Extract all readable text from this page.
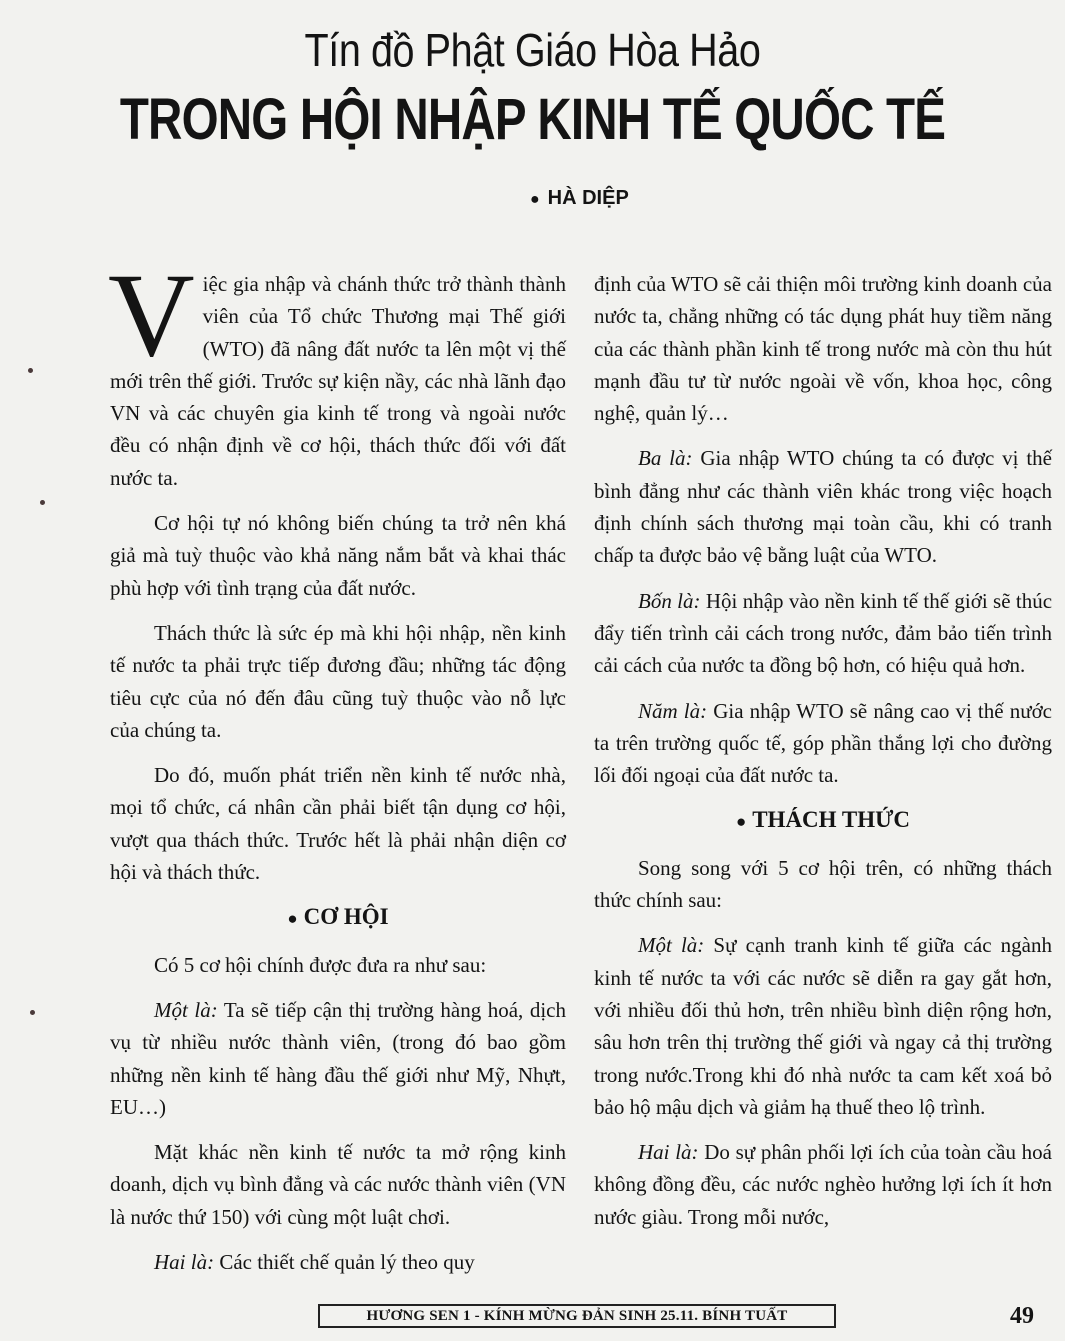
Tín đồ Phật Giáo Hòa Hảo
TRONG HỘI NHẬP KINH TẾ QUỐC TẾ
● HÀ DIỆP

Việc gia nhập và chánh thức trở thành thành viên của Tổ chức Thương mại Thế giới (WTO) đã nâng đất nước ta lên một vị thế mới trên thế giới. Trước sự kiện nầy, các nhà lãnh đạo VN và các chuyên gia kinh tế trong và ngoài nước đều có nhận định về cơ hội, thách thức đối với đất nước ta.

Cơ hội tự nó không biến chúng ta trở nên khá giả mà tuỳ thuộc vào khả năng nắm bắt và khai thác phù hợp với tình trạng của đất nước.

Thách thức là sức ép mà khi hội nhập, nền kinh tế nước ta phải trực tiếp đương đầu; những tác động tiêu cực của nó đến đâu cũng tuỳ thuộc vào nỗ lực của chúng ta.

Do đó, muốn phát triển nền kinh tế nước nhà, mọi tổ chức, cá nhân cần phải biết tận dụng cơ hội, vượt qua thách thức. Trước hết là phải nhận diện cơ hội và thách thức.

● CƠ HỘI

Có 5 cơ hội chính được đưa ra như sau:

Một là: Ta sẽ tiếp cận thị trường hàng hoá, dịch vụ từ nhiều nước thành viên, (trong đó bao gồm những nền kinh tế hàng đầu thế giới như Mỹ, Nhựt, EU…)

Mặt khác nền kinh tế nước ta mở rộng kinh doanh, dịch vụ bình đẳng và các nước thành viên (VN là nước thứ 150) với cùng một luật chơi.

Hai là: Các thiết chế quản lý theo quy

định của WTO sẽ cải thiện môi trường kinh doanh của nước ta, chẳng những có tác dụng phát huy tiềm năng của các thành phần kinh tế trong nước mà còn thu hút mạnh đầu tư từ nước ngoài về vốn, khoa học, công nghệ, quản lý…

Ba là: Gia nhập WTO chúng ta có được vị thế bình đẳng như các thành viên khác trong việc hoạch định chính sách thương mại toàn cầu, khi có tranh chấp ta được bảo vệ bằng luật của WTO.

Bốn là: Hội nhập vào nền kinh tế thế giới sẽ thúc đẩy tiến trình cải cách trong nước, đảm bảo tiến trình cải cách của nước ta đồng bộ hơn, có hiệu quả hơn.

Năm là: Gia nhập WTO sẽ nâng cao vị thế nước ta trên trường quốc tế, góp phần thắng lợi cho đường lối đối ngoại của đất nước ta.

● THÁCH THỨC

Song song với 5 cơ hội trên, có những thách thức chính sau:

Một là: Sự cạnh tranh kinh tế giữa các ngành kinh tế nước ta với các nước sẽ diễn ra gay gắt hơn, với nhiều đối thủ hơn, trên nhiều bình diện rộng hơn, sâu hơn trên thị trường thế giới và ngay cả thị trường trong nước.Trong khi đó nhà nước ta cam kết xoá bỏ bảo hộ mậu dịch và giảm hạ thuế theo lộ trình.

Hai là: Do sự phân phối lợi ích của toàn cầu hoá không đồng đều, các nước nghèo hưởng lợi ích ít hơn nước giàu. Trong mỗi nước,

HƯƠNG SEN 1 - KÍNH MỪNG ĐẢN SINH 25.11. BÍNH TUẤT	49
